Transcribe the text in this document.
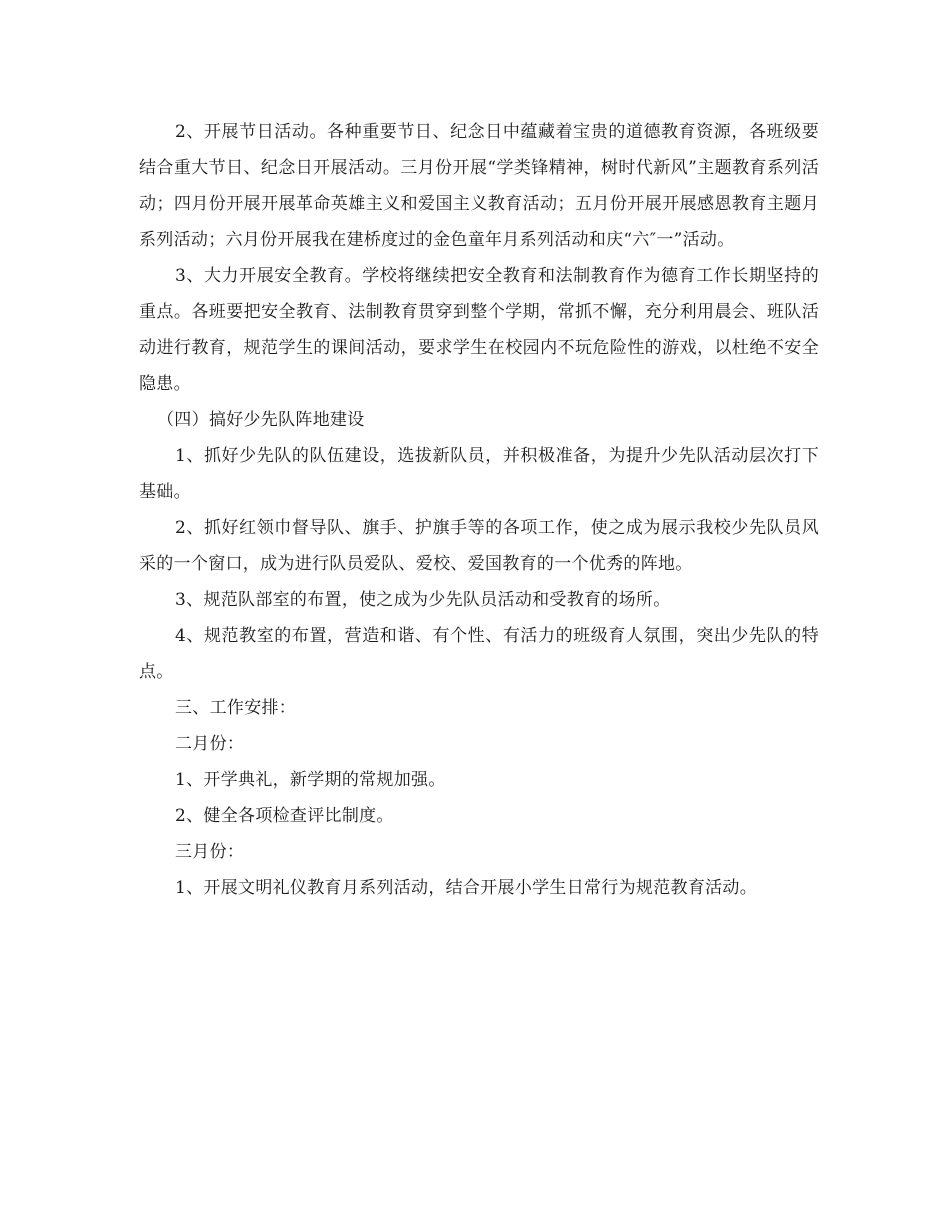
2、开展节日活动。各种重要节日、纪念日中蕴藏着宝贵的道德教育资源，各班级要结合重大节日、纪念日开展活动。三月份开展“学类锋精神，树时代新风”主题教育系列活动；四月份开展开展革命英雄主义和爱国主义教育活动；五月份开展开展感恩教育主题月系列活动；六月份开展我在建桥度过的金色童年月系列活动和庆“六″一”活动。

3、大力开展安全教育。学校将继续把安全教育和法制教育作为德育工作长期坚持的重点。各班要把安全教育、法制教育贯穿到整个学期，常抓不懈，充分利用晨会、班队活动进行教育，规范学生的课间活动，要求学生在校园内不玩危险性的游戏，以杜绝不安全隐患。

（四）搞好少先队阵地建设

1、抓好少先队的队伍建设，选拔新队员，并积极准备，为提升少先队活动层次打下基础。

2、抓好红领巾督导队、旗手、护旗手等的各项工作，使之成为展示我校少先队员风采的一个窗口，成为进行队员爱队、爱校、爱国教育的一个优秀的阵地。

3、规范队部室的布置，使之成为少先队员活动和受教育的场所。

4、规范教室的布置，营造和谐、有个性、有活力的班级育人氛围，突出少先队的特点。

三、工作安排：

二月份：

1、开学典礼，新学期的常规加强。

2、健全各项检查评比制度。

三月份：

1、开展文明礼仪教育月系列活动，结合开展小学生日常行为规范教育活动。
